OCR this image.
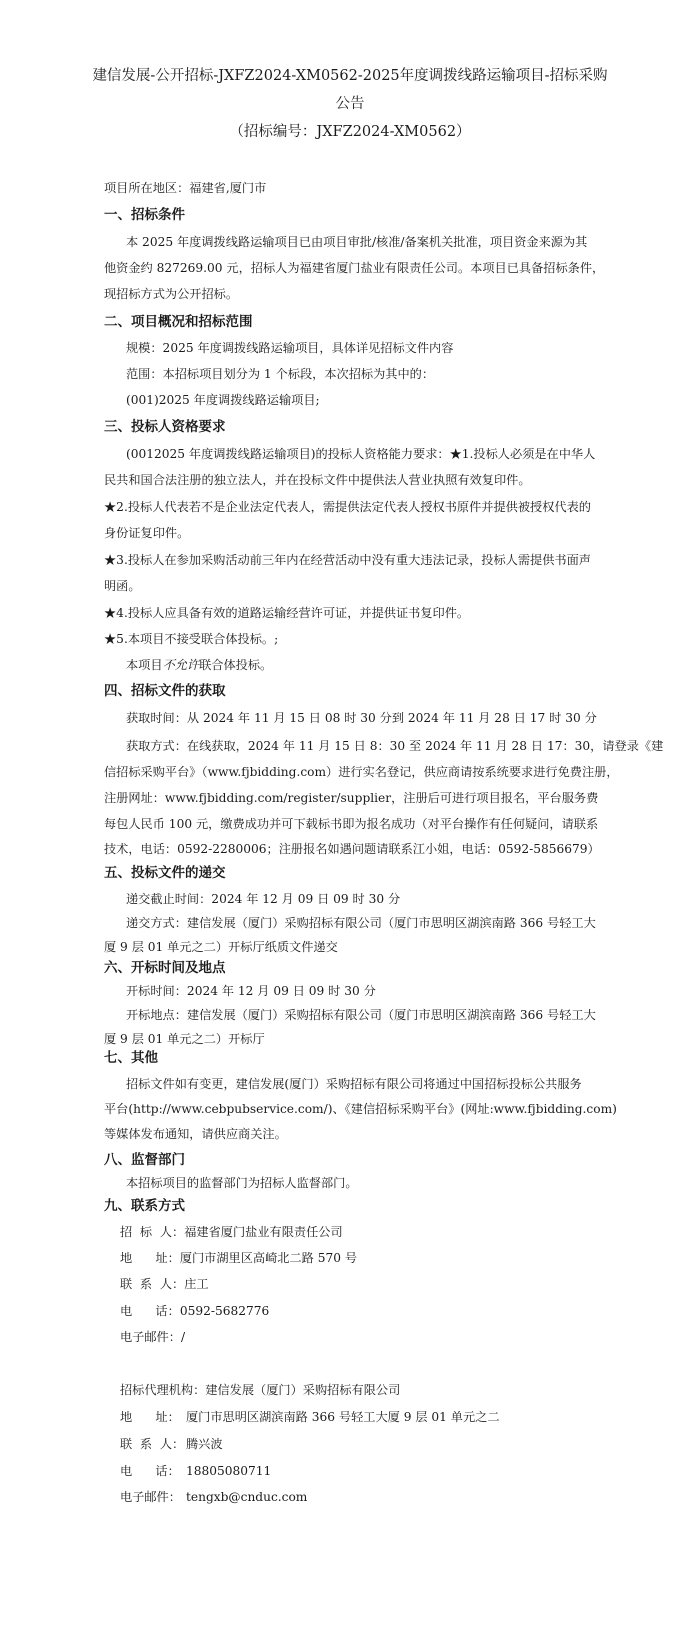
建信发展-公开招标-JXFZ2024-XM0562-2025年度调拨线路运输项目-招标采购
公告
（招标编号：JXFZ2024-XM0562）
项目所在地区：福建省,厦门市
一、招标条件
本 2025 年度调拨线路运输项目已由项目审批/核准/备案机关批准，项目资金来源为其
他资金约 827269.00 元，招标人为福建省厦门盐业有限责任公司。本项目已具备招标条件，
现招标方式为公开招标。
二、项目概况和招标范围
规模：2025 年度调拨线路运输项目，具体详见招标文件内容
范围：本招标项目划分为 1 个标段，本次招标为其中的：
(001)2025 年度调拨线路运输项目;
三、投标人资格要求
(0012025 年度调拨线路运输项目)的投标人资格能力要求：★1.投标人必须是在中华人
民共和国合法注册的独立法人，并在投标文件中提供法人营业执照有效复印件。
★2.投标人代表若不是企业法定代表人，需提供法定代表人授权书原件并提供被授权代表的
身份证复印件。
★3.投标人在参加采购活动前三年内在经营活动中没有重大违法记录，投标人需提供书面声
明函。
★4.投标人应具备有效的道路运输经营许可证，并提供证书复印件。
★5.本项目不接受联合体投标。;
本项目不允许联合体投标。
四、招标文件的获取
获取时间：从 2024 年 11 月 15 日 08 时 30 分到 2024 年 11 月 28 日 17 时 30 分
获取方式：在线获取，2024 年 11 月 15 日 8：30 至 2024 年 11 月 28 日 17：30，请登录《建
信招标采购平台》（www.fjbidding.com）进行实名登记，供应商请按系统要求进行免费注册，
注册网址：www.fjbidding.com/register/supplier，注册后可进行项目报名，平台服务费
每包人民币 100 元，缴费成功并可下载标书即为报名成功（对平台操作有任何疑问，请联系
技术，电话：0592-2280006；注册报名如遇问题请联系江小姐，电话：0592-5856679）
五、投标文件的递交
递交截止时间：2024 年 12 月 09 日 09 时 30 分
递交方式：建信发展（厦门）采购招标有限公司（厦门市思明区湖滨南路 366 号轻工大
厦 9 层 01 单元之二）开标厅纸质文件递交
六、开标时间及地点
开标时间：2024 年 12 月 09 日 09 时 30 分
开标地点：建信发展（厦门）采购招标有限公司（厦门市思明区湖滨南路 366 号轻工大
厦 9 层 01 单元之二）开标厅
七、其他
招标文件如有变更，建信发展(厦门）采购招标有限公司将通过中国招标投标公共服务
平台(http://www.cebpubservice.com/)、《建信招标采购平台》(网址:www.fjbidding.com)
等媒体发布通知，请供应商关注。
八、监督部门
本招标项目的监督部门为招标人监督部门。
九、联系方式
招  标  人：福建省厦门盐业有限责任公司
地      址：厦门市湖里区高崎北二路 570 号
联  系  人：庄工
电      话：0592-5682776
电子邮件：/
招标代理机构：建信发展（厦门）采购招标有限公司
地      址： 厦门市思明区湖滨南路 366 号轻工大厦 9 层 01 单元之二
联  系  人： 腾兴波
电      话： 18805080711
电子邮件： tengxb@cnduc.com
